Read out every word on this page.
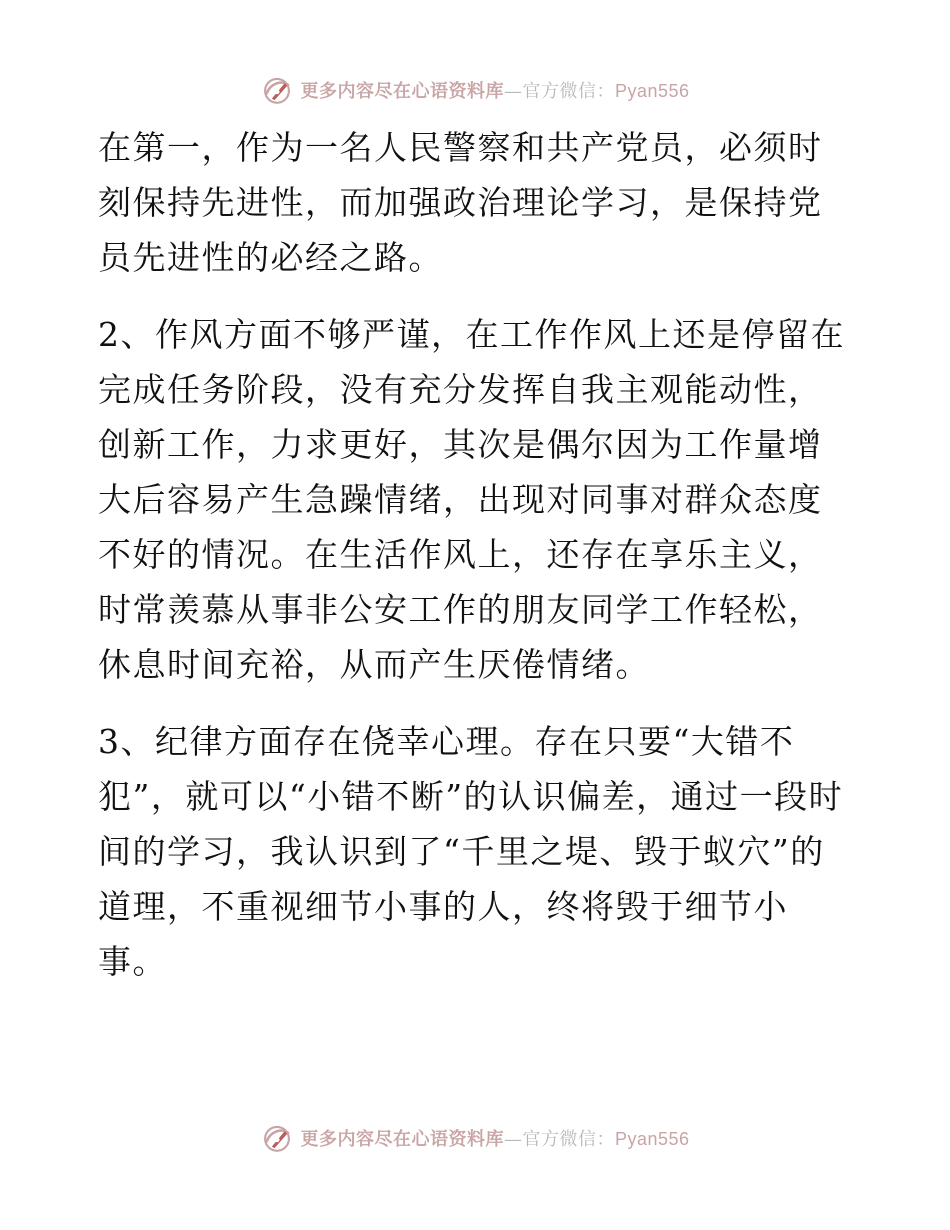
更多内容尽在心语资料库—官方微信：Pyan556

在第一，作为一名人民警察和共产党员，必须时刻保持先进性，而加强政治理论学习，是保持党员先进性的必经之路。

2、作风方面不够严谨，在工作作风上还是停留在完成任务阶段，没有充分发挥自我主观能动性，创新工作，力求更好，其次是偶尔因为工作量增大后容易产生急躁情绪，出现对同事对群众态度不好的情况。在生活作风上，还存在享乐主义，时常羡慕从事非公安工作的朋友同学工作轻松，休息时间充裕，从而产生厌倦情绪。

3、纪律方面存在侥幸心理。存在只要“大错不犯”，就可以“小错不断”的认识偏差，通过一段时间的学习，我认识到了“千里之堤、毁于蚁穴”的道理，不重视细节小事的人，终将毁于细节小事。

更多内容尽在心语资料库—官方微信：Pyan556
